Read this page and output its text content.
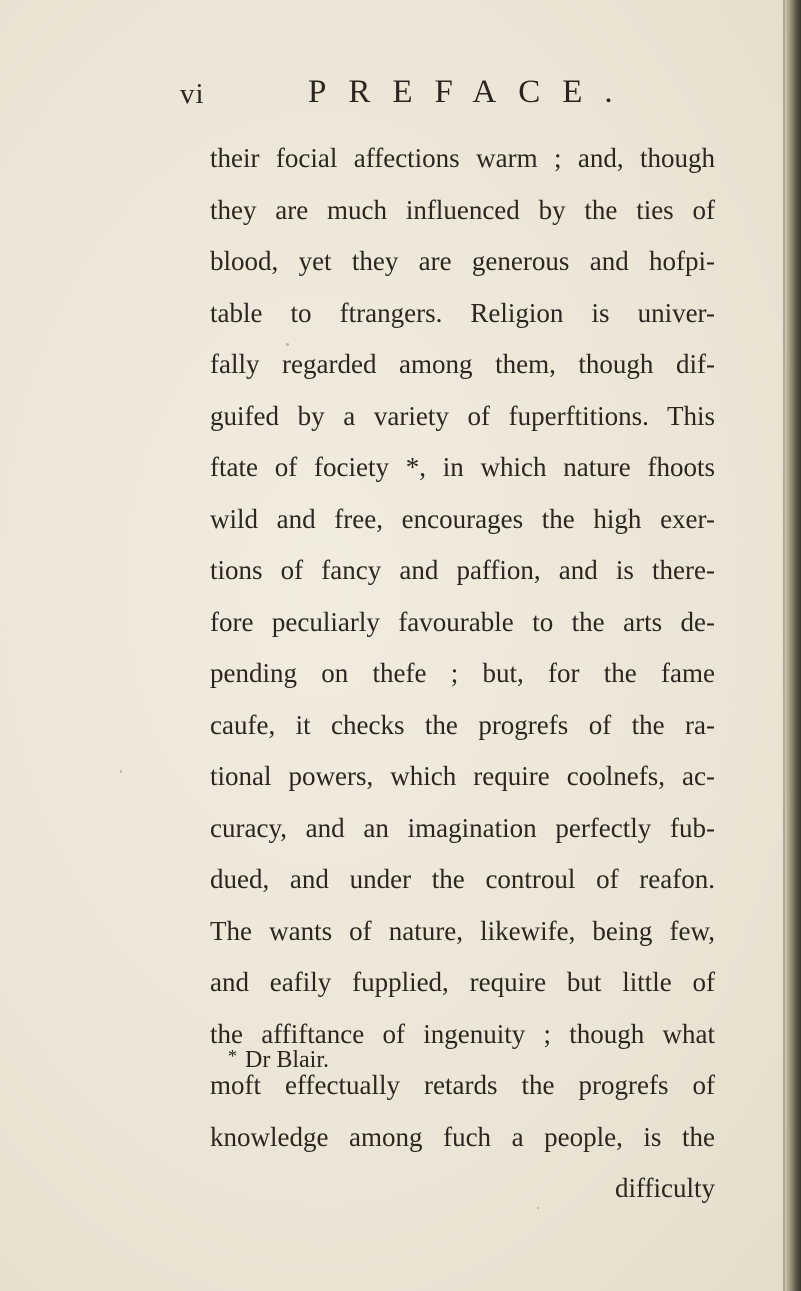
vi	PREFACE.
their focial affections warm ; and, though
they are much influenced by the ties of
blood, yet they are generous and hofpi-
table to ftrangers. Religion is univer-
fally regarded among them, though dif-
guifed by a variety of fuperftitions. This
ftate of fociety *, in which nature fhoots
wild and free, encourages the high exer-
tions of fancy and paffion, and is there-
fore peculiarly favourable to the arts de-
pending on thefe ; but, for the fame
caufe, it checks the progrefs of the ra-
tional powers, which require coolnefs, ac-
curacy, and an imagination perfectly fub-
dued, and under the controul of reafon.
The wants of nature, likewife, being few,
and eafily fupplied, require but little of
the affiftance of ingenuity ; though what
moft effectually retards the progrefs of
knowledge among fuch a people, is the
difficulty
* Dr Blair.
